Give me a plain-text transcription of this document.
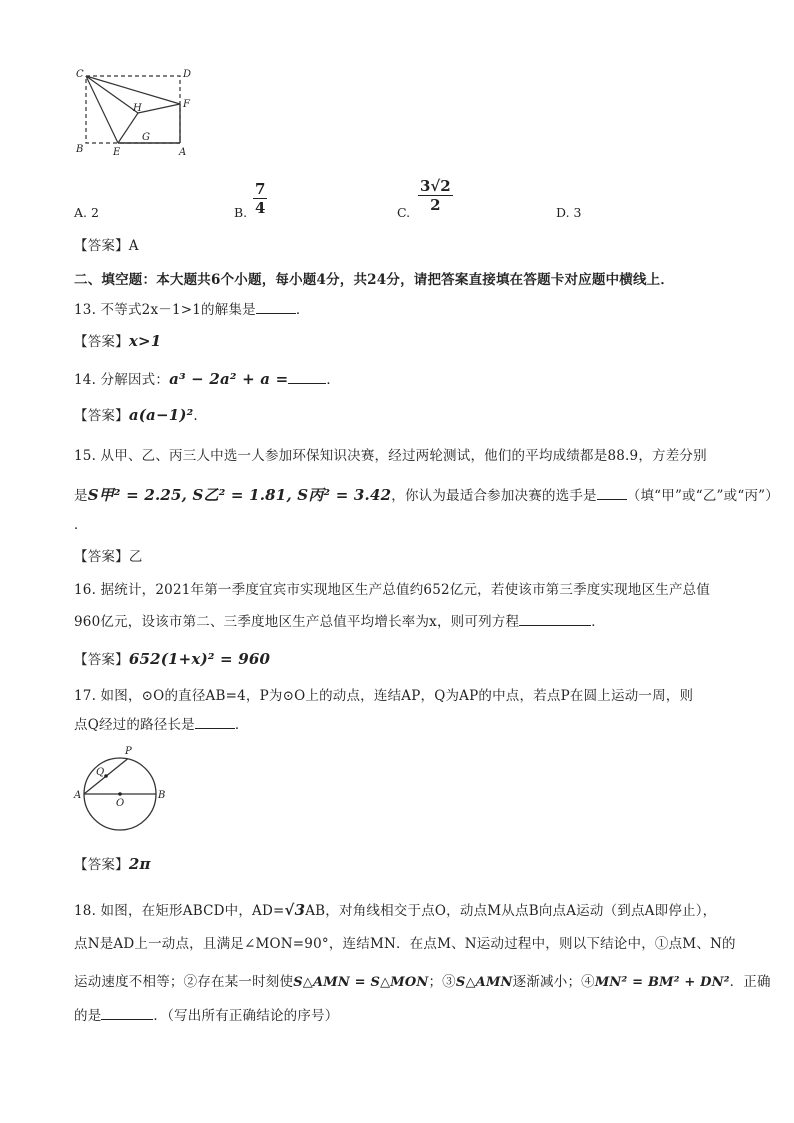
C	D
H	F
G
B	E	A
A. 2	B. $\frac{7}{4}$	C. $\frac{3√2}{2}$	D. 3
【答案】A
二、填空题：本大题共6个小题，每小题4分，共24分，请把答案直接填在答题卡对应题中横线上．
13. 不等式2x－1>1的解集是	．
【答案】x>1
14. 分解因式：a³ − 2a² + a =	．
【答案】a(a−1)².
15. 从甲、乙、丙三人中选一人参加环保知识决赛，经过两轮测试，他们的平均成绩都是88.9，方差分别
是S甲² = 2.25, S乙² = 1.81, S丙² = 3.42，你认为最适合参加决赛的选手是 （填“甲”或“乙”或“丙”）
．
【答案】乙
16. 据统计，2021年第一季度宜宾市实现地区生产总值约652亿元，若使该市第三季度实现地区生产总值
960亿元，设该市第二、三季度地区生产总值平均增长率为x，则可列方程	．
【答案】652(1+x)² = 960
17. 如图，⊙O的直径AB=4，P为⊙O上的动点，连结AP，Q为AP的中点，若点P在圆上运动一周，则
点Q经过的路径长是	．
P
Q
A
O
B
【答案】2π
18. 如图，在矩形ABCD中，AD=√3AB，对角线相交于点O，动点M从点B向点A运动（到点A即停止），
点N是AD上一动点，且满足∠MON=90°，连结MN．在点M、N运动过程中，则以下结论中，①点M、N的
运动速度不相等；②存在某一时刻使S△AMN = S△MON；③S△AMN逐渐减小；④MN² = BM² + DN²．正确
的是	．（写出所有正确结论的序号）
